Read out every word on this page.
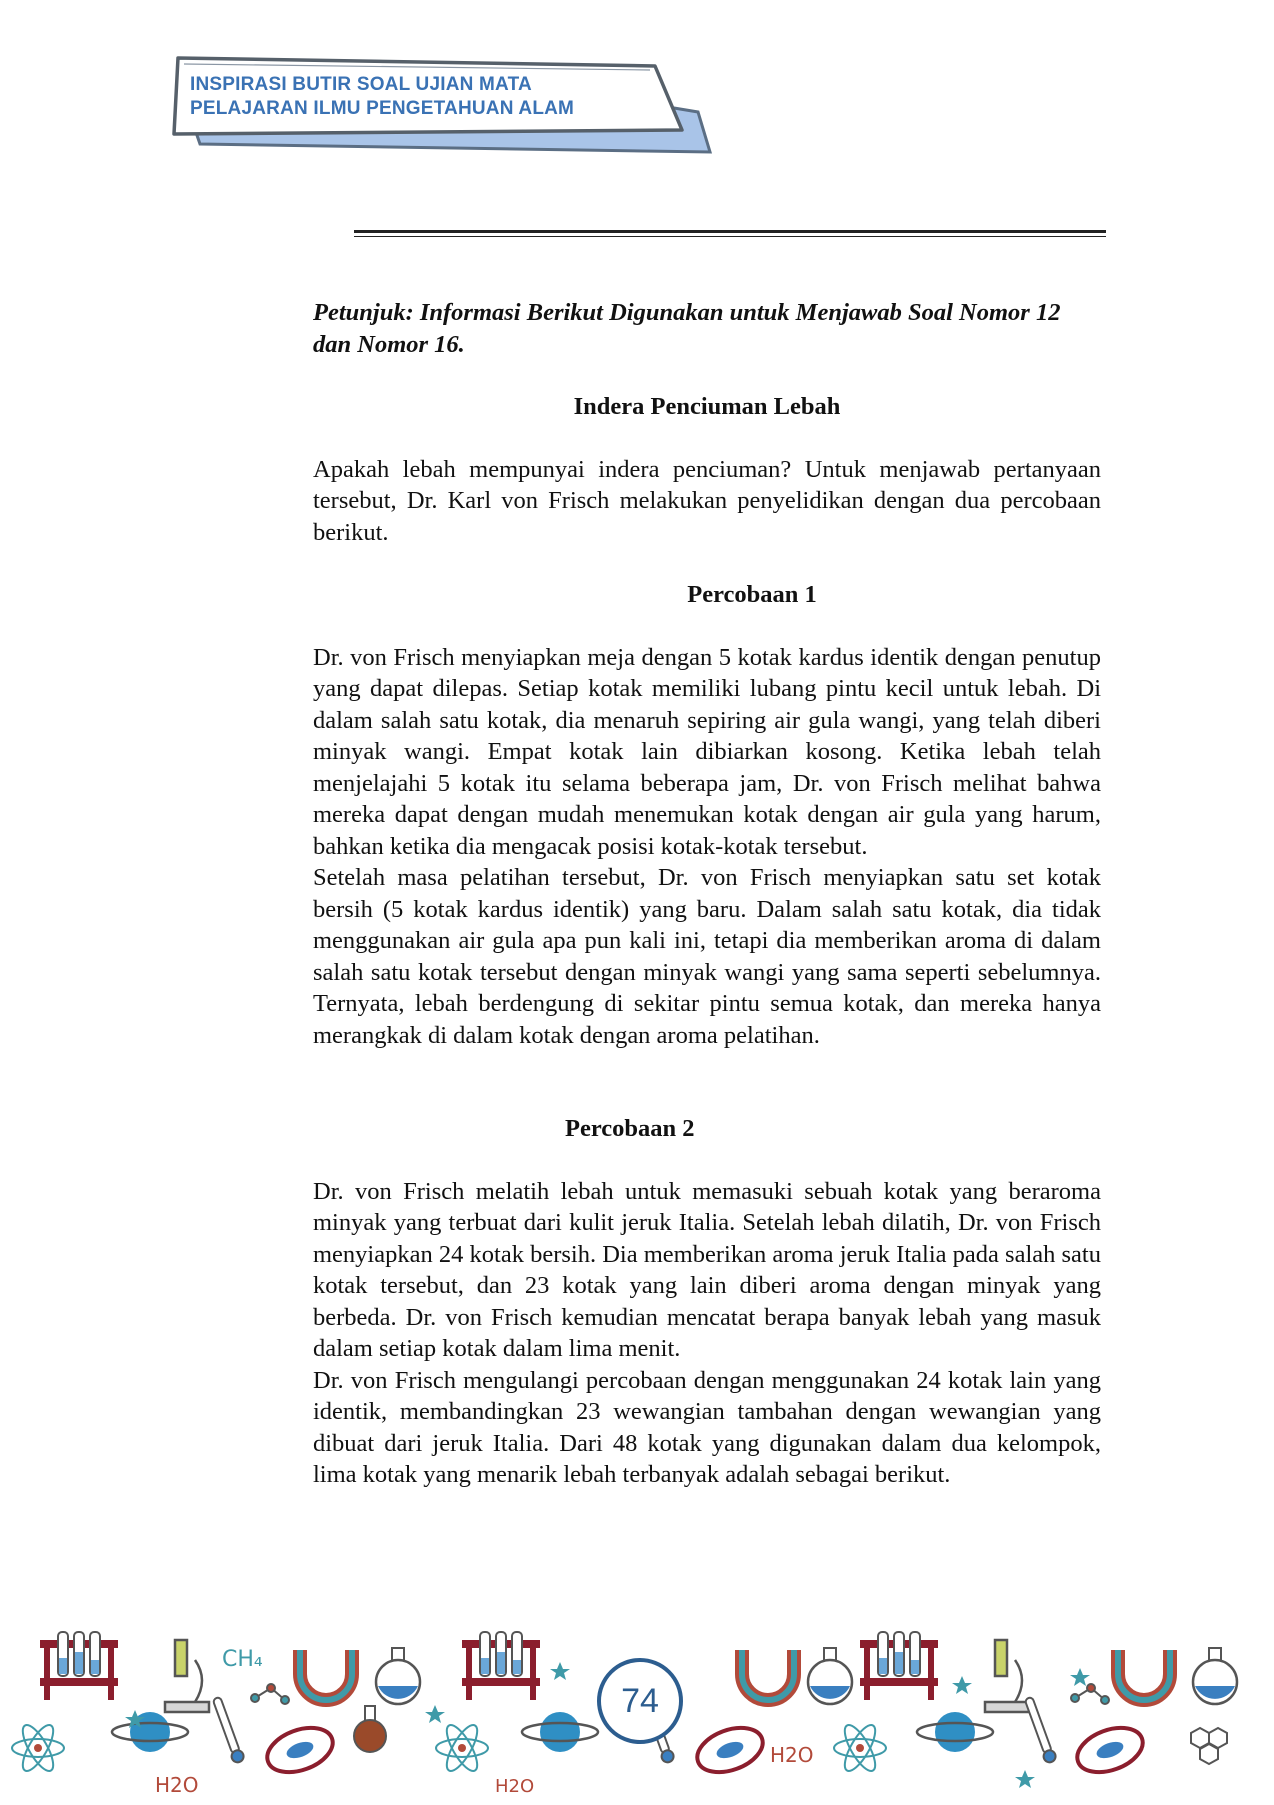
INSPIRASI BUTIR SOAL UJIAN MATA
PELAJARAN ILMU PENGETAHUAN ALAM

Petunjuk: Informasi Berikut Digunakan untuk Menjawab Soal Nomor 12 dan Nomor 16.

Indera Penciuman Lebah

Apakah lebah mempunyai indera penciuman? Untuk menjawab pertanyaan tersebut, Dr. Karl von Frisch melakukan penyelidikan dengan dua percobaan berikut.

Percobaan 1

Dr. von Frisch menyiapkan meja dengan 5 kotak kardus identik dengan penutup yang dapat dilepas. Setiap kotak memiliki lubang pintu kecil untuk lebah. Di dalam salah satu kotak, dia menaruh sepiring air gula wangi, yang telah diberi minyak wangi. Empat kotak lain dibiarkan kosong. Ketika lebah telah menjelajahi 5 kotak itu selama beberapa jam, Dr. von Frisch melihat bahwa mereka dapat dengan mudah menemukan kotak dengan air gula yang harum, bahkan ketika dia mengacak posisi kotak-kotak tersebut.

Setelah masa pelatihan tersebut, Dr. von Frisch menyiapkan satu set kotak bersih (5 kotak kardus identik) yang baru. Dalam salah satu kotak, dia tidak menggunakan air gula apa pun kali ini, tetapi dia memberikan aroma di dalam salah satu kotak tersebut dengan minyak wangi yang sama seperti sebelumnya. Ternyata, lebah berdengung di sekitar pintu semua kotak, dan mereka hanya merangkak di dalam kotak dengan aroma pelatihan.

Percobaan 2

Dr. von Frisch melatih lebah untuk memasuki sebuah kotak yang beraroma minyak yang terbuat dari kulit jeruk Italia. Setelah lebah dilatih, Dr. von Frisch menyiapkan 24 kotak bersih. Dia memberikan aroma jeruk Italia pada salah satu kotak tersebut, dan 23 kotak yang lain diberi aroma dengan minyak yang berbeda. Dr. von Frisch kemudian mencatat berapa banyak lebah yang masuk dalam setiap kotak dalam lima menit.

Dr. von Frisch mengulangi percobaan dengan menggunakan 24 kotak lain yang identik, membandingkan 23 wewangian tambahan dengan wewangian yang dibuat dari jeruk Italia. Dari 48 kotak yang digunakan dalam dua kelompok, lima kotak yang menarik lebah terbanyak adalah sebagai berikut.

CH₄
H2O	H2O
H2O
74
